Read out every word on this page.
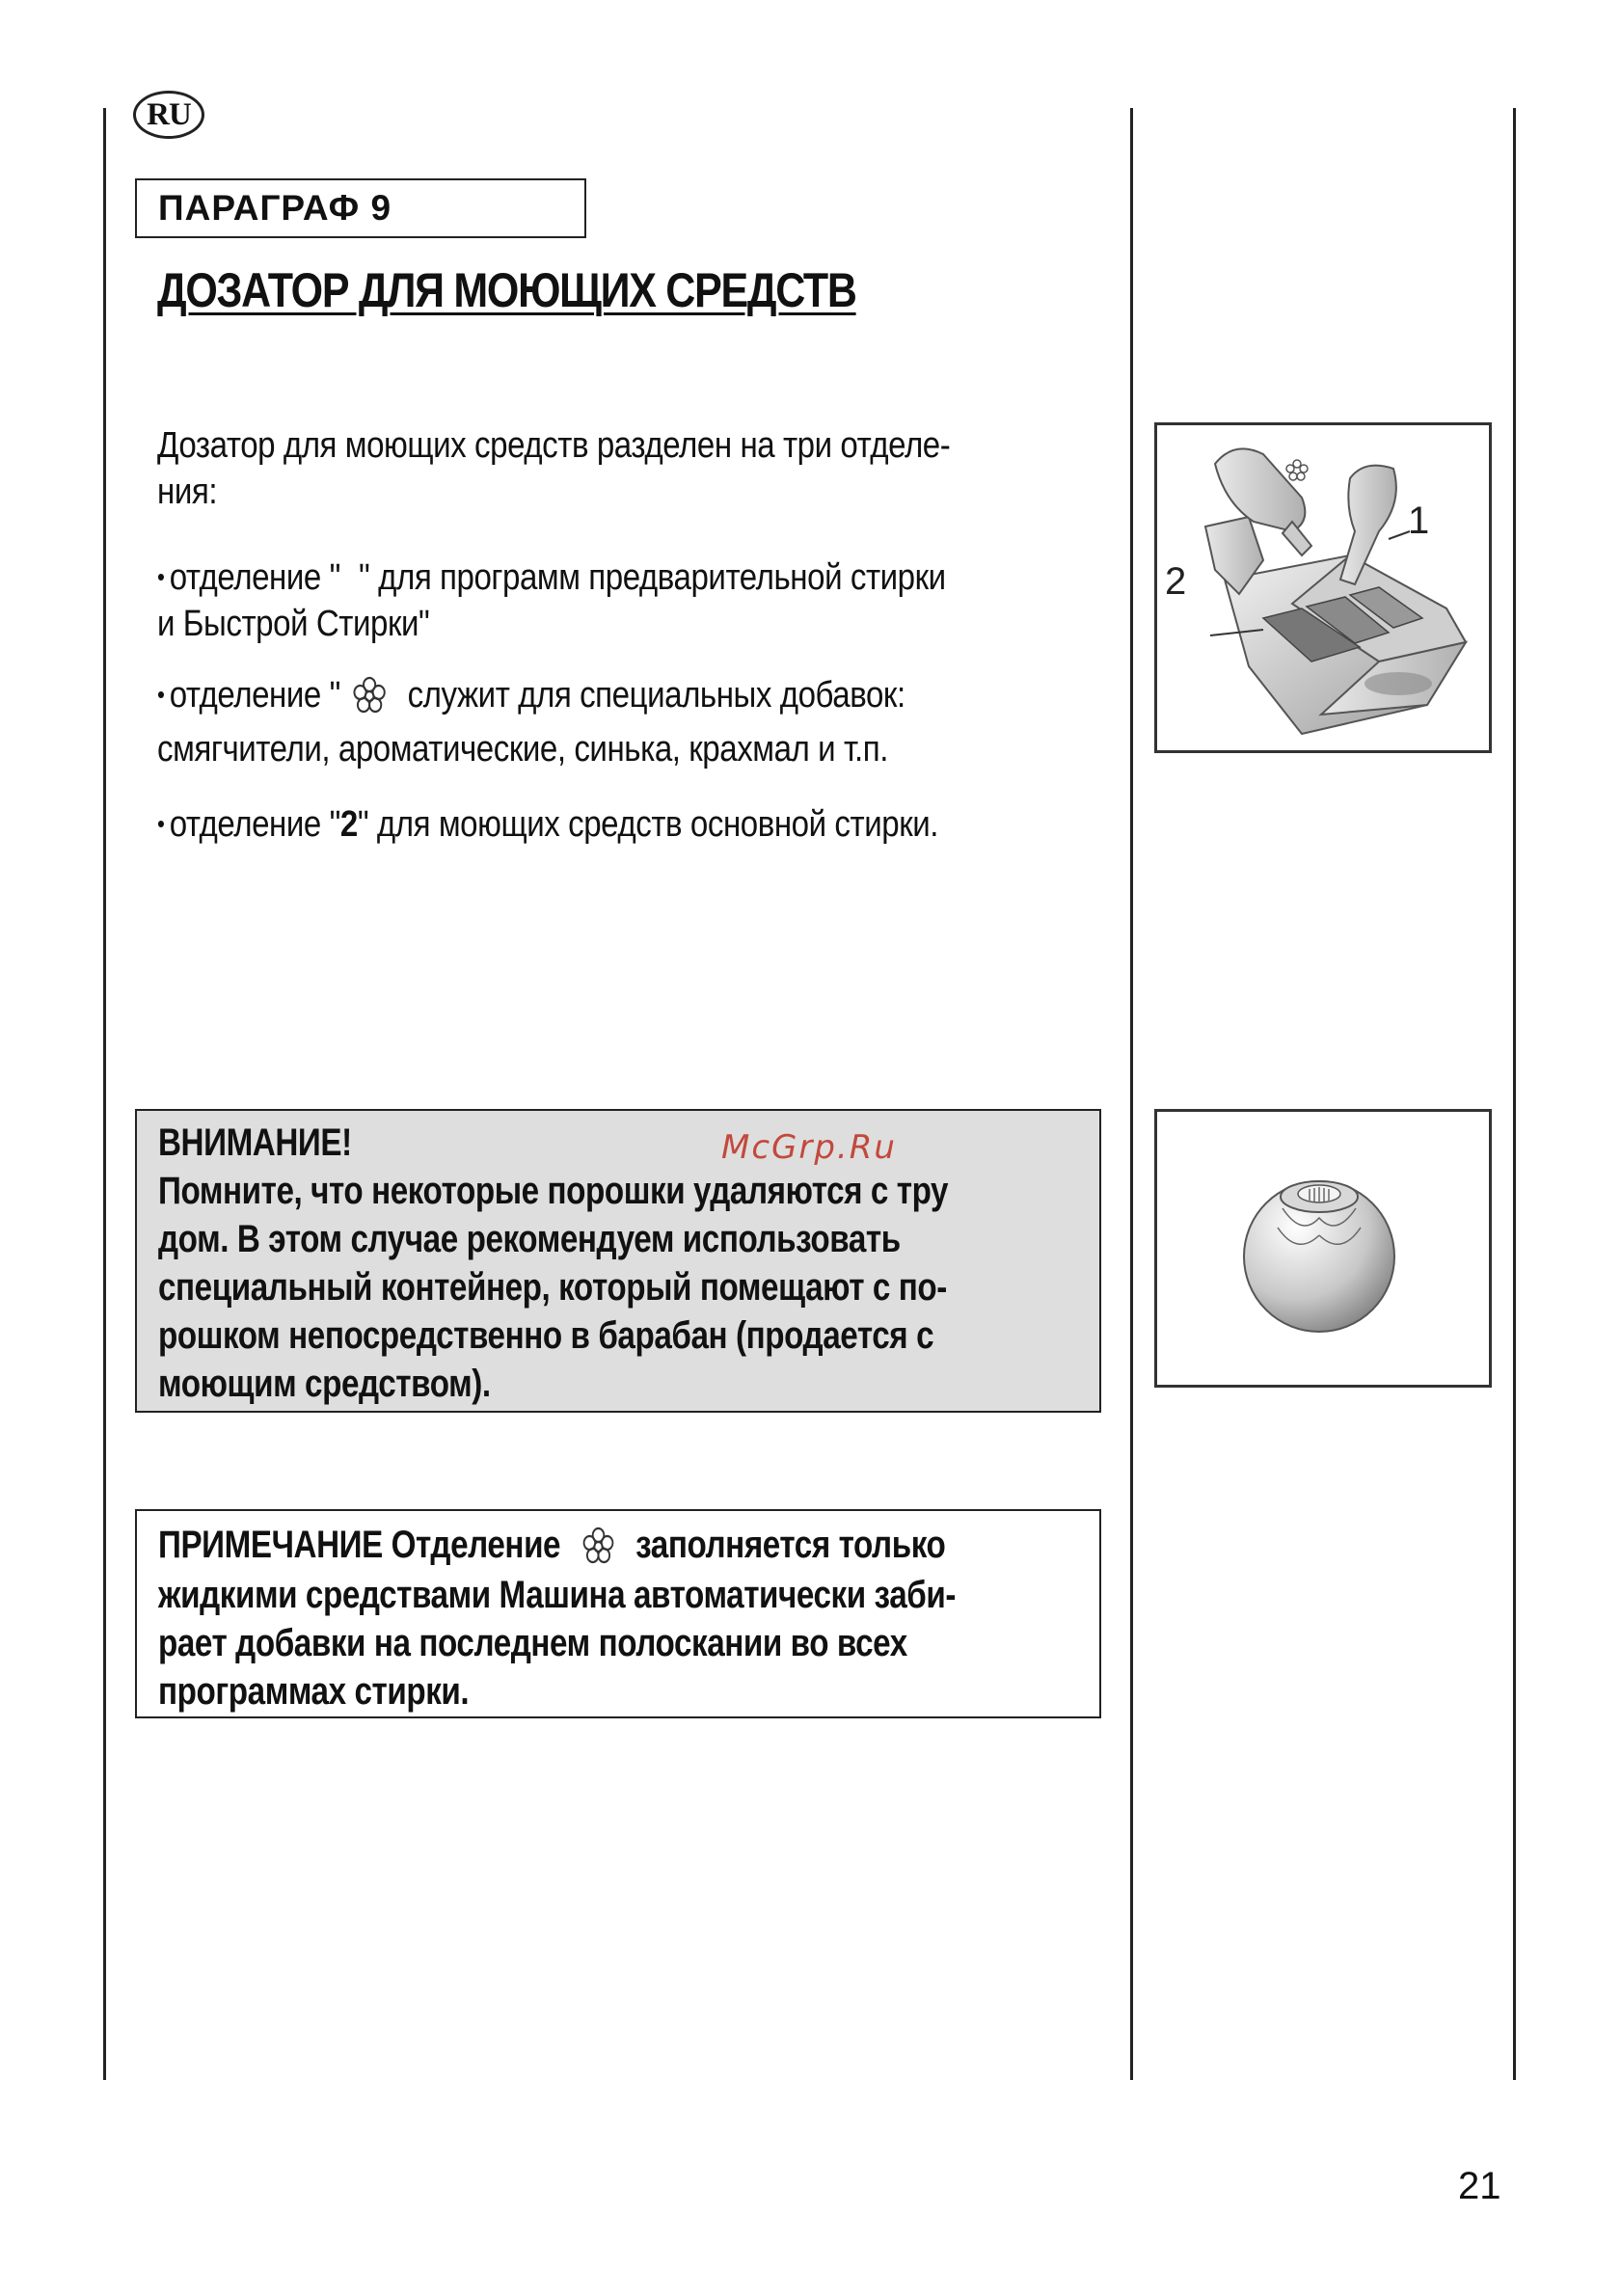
RU
ПАРАГРАФ 9
ДОЗАТОР ДЛЯ МОЮЩИХ СРЕДСТВ
Дозатор для моющих средств разделен на три отделе-
ния:
• отделение " " для программ предварительной стирки
и Быстрой Стирки"
• отделение " служит для специальных добавок:
смягчители, ароматические, синька, крахмал и т.п.
• отделение "2" для моющих средств основной стирки.
ВНИМАНИЕ!
Помните, что некоторые порошки удаляются с тру
дом. В этом случае рекомендуем использовать
специальный контейнер, который помещают с по-
рошком непосредственно в барабан (продается с
моющим средством).
McGrp.Ru
ПРИМЕЧАНИЕ Отделение заполняется только
жидкими средствами Машина автоматически заби-
рает добавки на последнем полоскании во всех
программах стирки.
1
2
21
